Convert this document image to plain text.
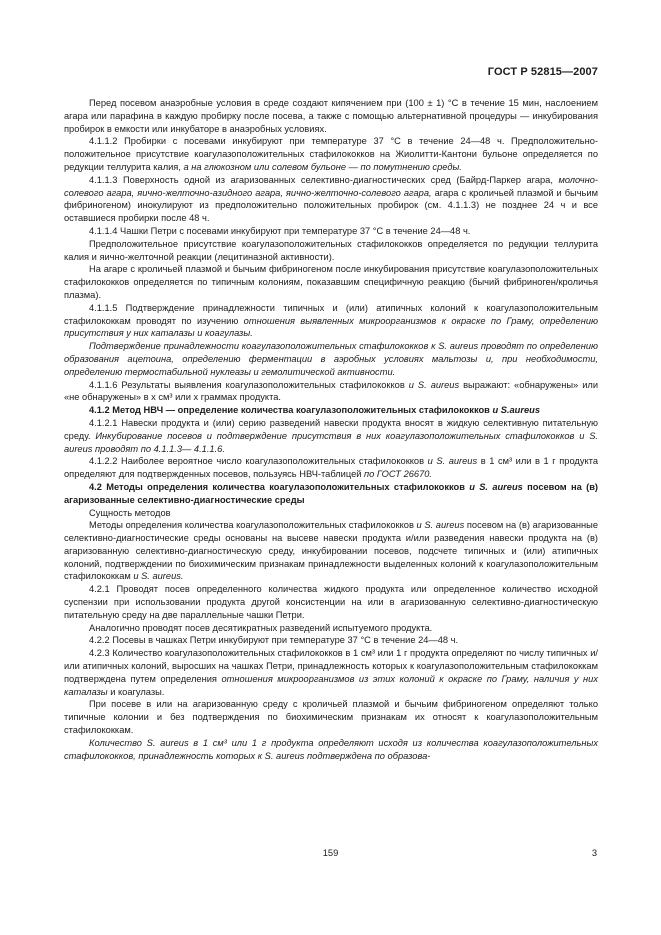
ГОСТ Р 52815—2007

Перед посевом анаэробные условия в среде создают кипячением при (100 ± 1) °С в течение 15 мин, наслоением агара или парафина в каждую пробирку после посева, а также с помощью альтернативной процедуры — инкубирования пробирок в емкости или инкубаторе в анаэробных условиях.

4.1.1.2 Пробирки с посевами инкубируют при температуре 37 °С в течение 24—48 ч. Предположительно-положительное присутствие коагулазоположительных стафилококков на Жиолитти-Кантони бульоне определяется по редукции теллурита калия, а на глюкозном или солевом бульоне — по помутнению среды.

4.1.1.3 Поверхность одной из агаризованных селективно-диагностических сред (Байрд-Паркер агара, молочно-солевого агара, яично-желточно-азидного агара, яично-желточно-солевого агара, агара с кроличьей плазмой и бычьим фибриногеном) инокулируют из предположительно положительных пробирок (см. 4.1.1.3) не позднее 24 ч и все оставшиеся пробирки после 48 ч.

4.1.1.4 Чашки Петри с посевами инкубируют при температуре 37 °С в течение 24—48 ч.

Предположительное присутствие коагулазоположительных стафилококков определяется по редукции теллурита калия и яично-желточной реакции (лецитиназной активности).

На агаре с кроличьей плазмой и бычьим фибриногеном после инкубирования присутствие коагулазоположительных стафилококков определяется по типичным колониям, показавшим специфичную реакцию (бычий фибриноген/кроличья плазма).

4.1.1.5 Подтверждение принадлежности типичных и (или) атипичных колоний к коагулазоположительным стафилококкам проводят по изучению отношения выявленных микроорганизмов к окраске по Граму, определению присутствия у них каталазы и коагулазы.

Подтверждение принадлежности коагулазоположительных стафилококков к S. aureus проводят по определению образования ацетоина, определению ферментации в аэробных условиях мальтозы и, при необходимости, определению термостабильной нуклеазы и гемолитической активности.

4.1.1.6 Результаты выявления коагулазоположительных стафилококков и S. aureus выражают: «обнаружены» или «не обнаружены» в х см³ или х граммах продукта.

4.1.2 Метод НВЧ — определение количества коагулазоположительных стафилококков и S.aureus

4.1.2.1 Навески продукта и (или) серию разведений навески продукта вносят в жидкую селективную питательную среду. Инкубирование посевов и подтверждение присутствия в них коагулазоположительных стафилококков и S. aureus проводят по 4.1.1.3— 4.1.1.6.

4.1.2.2 Наиболее вероятное число коагулазоположительных стафилококков и S. aureus в 1 см³ или в 1 г продукта определяют для подтвержденных посевов, пользуясь НВЧ-таблицей по ГОСТ 26670.

4.2 Методы определения количества коагулазоположительных стафилококков и S. aureus посевом на (в) агаризованные селективно-диагностические среды

Сущность методов

Методы определения количества коагулазоположительных стафилококков и S. aureus посевом на (в) агаризованные селективно-диагностические среды основаны на высеве навески продукта и/или разведения навески продукта на (в) агаризованную селективно-диагностическую среду, инкубировании посевов, подсчете типичных и (или) атипичных колоний, подтверждении по биохимическим признакам принадлежности выделенных колоний к коагулазоположительным стафилококкам и S. aureus.

4.2.1 Проводят посев определенного количества жидкого продукта или определенное количество исходной суспензии при использовании продукта другой консистенции на или в агаризованную селективно-диагностическую питательную среду на две параллельные чашки Петри.

Аналогично проводят посев десятикратных разведений испытуемого продукта.

4.2.2 Посевы в чашках Петри инкубируют при температуре 37 °С в течение 24—48 ч.

4.2.3 Количество коагулазоположительных стафилококков в 1 см³ или 1 г продукта определяют по числу типичных и/или атипичных колоний, выросших на чашках Петри, принадлежность которых к коагулазоположительным стафилококкам подтверждена путем определения отношения микроорганизмов из этих колоний к окраске по Граму, наличия у них каталазы и коагулазы.

При посеве в или на агаризованную среду с кроличьей плазмой и бычьим фибриногеном определяют только типичные колонии и без подтверждения по биохимическим признакам их относят к коагулазоположительным стафилококкам.

Количество S. aureus в 1 см³ или 1 г продукта определяют исходя из количества коагулазоположительных стафилококков, принадлежность которых к S. aureus подтверждена по образова-

159	3
